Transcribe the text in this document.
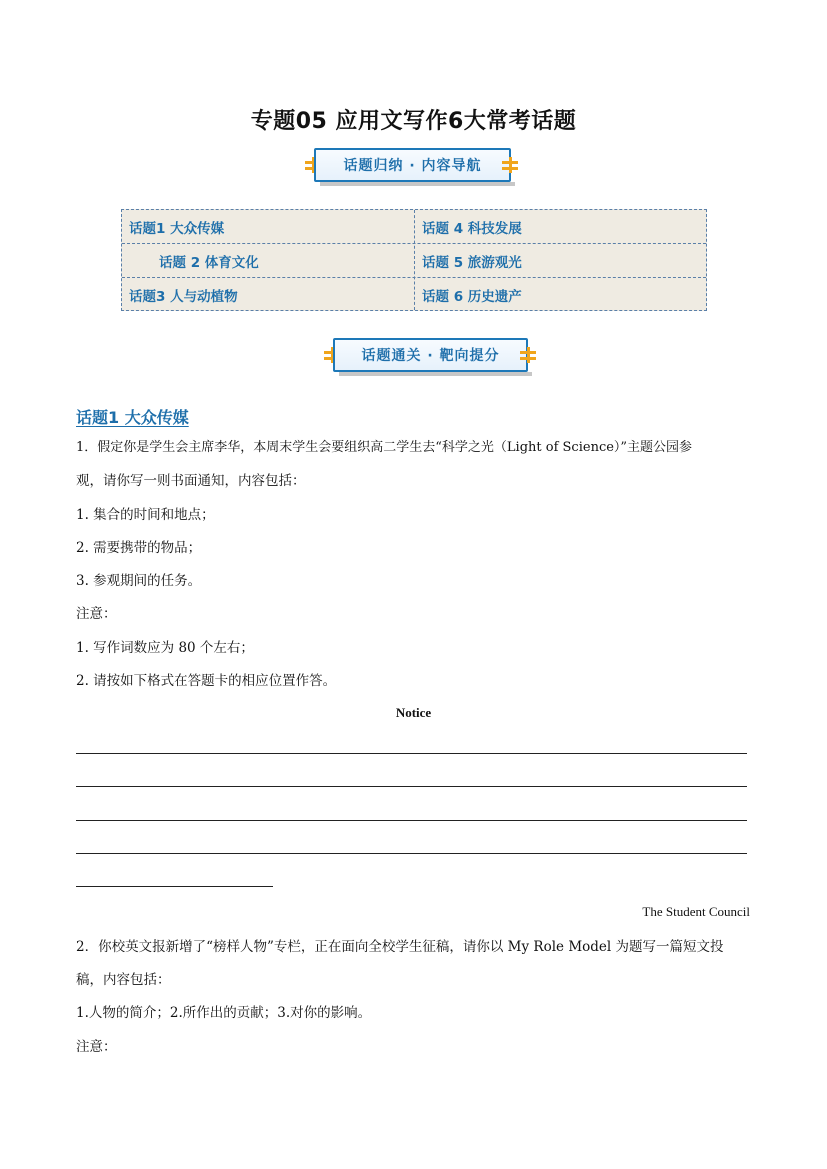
专题05 应用文写作6大常考话题
话题归纳 · 内容导航
话题1 大众传媒
话题 2 体育文化
话题3 人与动植物
话题 4 科技发展
话题 5 旅游观光
话题 6 历史遗产
话题通关 · 靶向提分
话题1 大众传媒
1．假定你是学生会主席李华，本周末学生会要组织高二学生去“科学之光（Light of Science）”主题公园参
观，请你写一则书面通知，内容包括：
1. 集合的时间和地点；
2. 需要携带的物品；
3. 参观期间的任务。
注意：
1. 写作词数应为 80 个左右；
2. 请按如下格式在答题卡的相应位置作答。
Notice
The Student Council
2．你校英文报新增了“榜样人物”专栏，正在面向全校学生征稿，请你以 My Role Model 为题写一篇短文投
稿，内容包括：
1.人物的简介；2.所作出的贡献；3.对你的影响。
注意：
